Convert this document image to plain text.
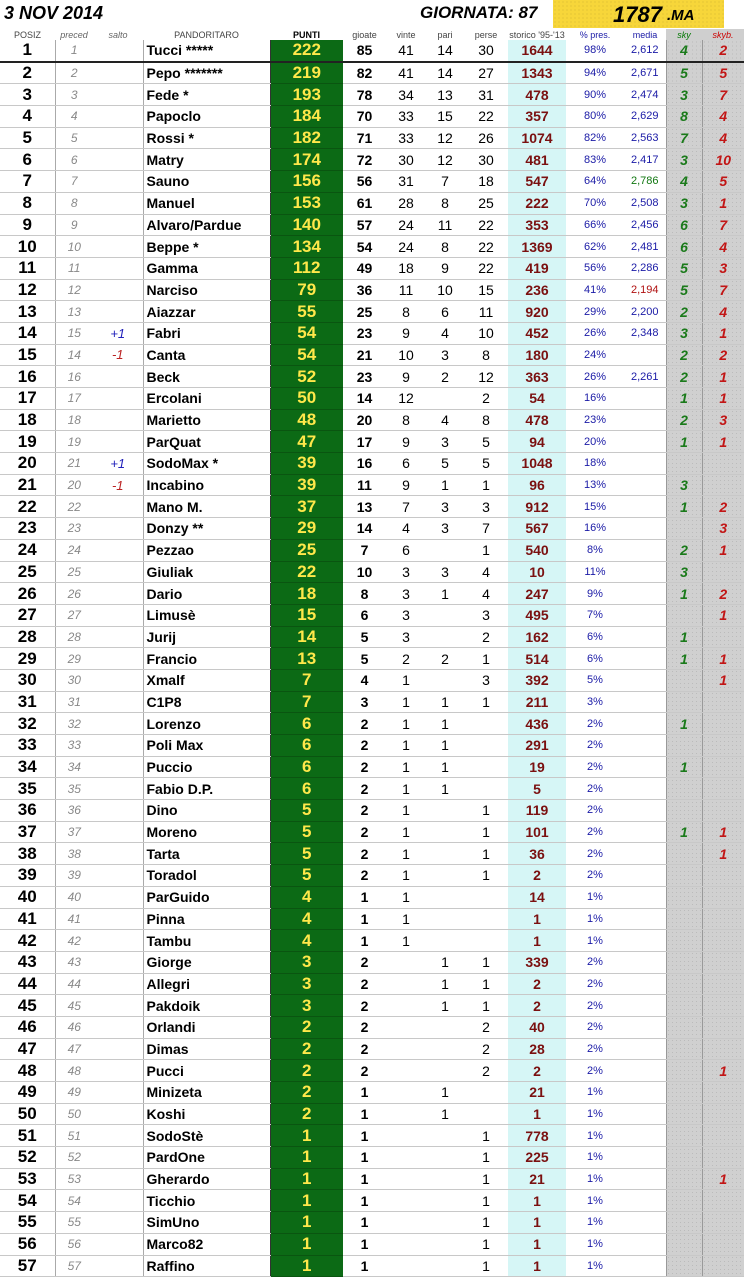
3 NOV 2014	GIORNATA: 87	1787 .MA
POSIZ	preced	salto	PANDORITARO	PUNTI	gioate	vinte	pari	perse	storico '95-'13	% pres.	media	sky	skyb.
1	1		Tucci *****	222	85	41	14	30	1644	98%	2,612	4	2
2	2		Pepo *******	219	82	41	14	27	1343	94%	2,671	5	5
3	3		Fede *	193	78	34	13	31	478	90%	2,474	3	7
4	4		Papoclo	184	70	33	15	22	357	80%	2,629	8	4
5	5		Rossi *	182	71	33	12	26	1074	82%	2,563	7	4
6	6		Matry	174	72	30	12	30	481	83%	2,417	3	10
7	7		Sauno	156	56	31	7	18	547	64%	2,786	4	5
8	8		Manuel	153	61	28	8	25	222	70%	2,508	3	1
9	9		Alvaro/Pardue	140	57	24	11	22	353	66%	2,456	6	7
10	10		Beppe *	134	54	24	8	22	1369	62%	2,481	6	4
11	11		Gamma	112	49	18	9	22	419	56%	2,286	5	3
12	12		Narciso	79	36	11	10	15	236	41%	2,194	5	7
13	13		Aiazzar	55	25	8	6	11	920	29%	2,200	2	4
14	15	+1	Fabri	54	23	9	4	10	452	26%	2,348	3	1
15	14	-1	Canta	54	21	10	3	8	180	24%		2	2
16	16		Beck	52	23	9	2	12	363	26%	2,261	2	1
17	17		Ercolani	50	14	12		2	54	16%		1	1
18	18		Marietto	48	20	8	4	8	478	23%		2	3
19	19		ParQuat	47	17	9	3	5	94	20%		1	1
20	21	+1	SodoMax *	39	16	6	5	5	1048	18%			
21	20	-1	Incabino	39	11	9	1	1	96	13%		3	
22	22		Mano M.	37	13	7	3	3	912	15%		1	2
23	23		Donzy **	29	14	4	3	7	567	16%			3
24	24		Pezzao	25	7	6		1	540	8%		2	1
25	25		Giuliak	22	10	3	3	4	10	11%		3	
26	26		Dario	18	8	3	1	4	247	9%		1	2
27	27		Limusè	15	6	3		3	495	7%			1
28	28		Jurij	14	5	3		2	162	6%		1	
29	29		Francio	13	5	2	2	1	514	6%		1	1
30	30		Xmalf	7	4	1		3	392	5%			1
31	31		C1P8	7	3	1	1	1	211	3%			
32	32		Lorenzo	6	2	1	1		436	2%		1	
33	33		Poli Max	6	2	1	1		291	2%			
34	34		Puccio	6	2	1	1		19	2%		1	
35	35		Fabio D.P.	6	2	1	1		5	2%			
36	36		Dino	5	2	1		1	119	2%			
37	37		Moreno	5	2	1		1	101	2%		1	1
38	38		Tarta	5	2	1		1	36	2%			1
39	39		Toradol	5	2	1		1	2	2%			
40	40		ParGuido	4	1	1			14	1%			
41	41		Pinna	4	1	1			1	1%			
42	42		Tambu	4	1	1			1	1%			
43	43		Giorge	3	2		1	1	339	2%			
44	44		Allegri	3	2		1	1	2	2%			
45	45		Pakdoik	3	2		1	1	2	2%			
46	46		Orlandi	2	2			2	40	2%			
47	47		Dimas	2	2			2	28	2%			
48	48		Pucci	2	2			2	2	2%			1
49	49		Minizeta	2	1		1		21	1%			
50	50		Koshi	2	1		1		1	1%			
51	51		SodoStè	1	1			1	778	1%			
52	52		PardOne	1	1			1	225	1%			
53	53		Gherardo	1	1			1	21	1%			1
54	54		Ticchio	1	1			1	1	1%			
55	55		SimUno	1	1			1	1	1%			
56	56		Marco82	1	1			1	1	1%			
57	57		Raffino	1	1			1	1	1%			
